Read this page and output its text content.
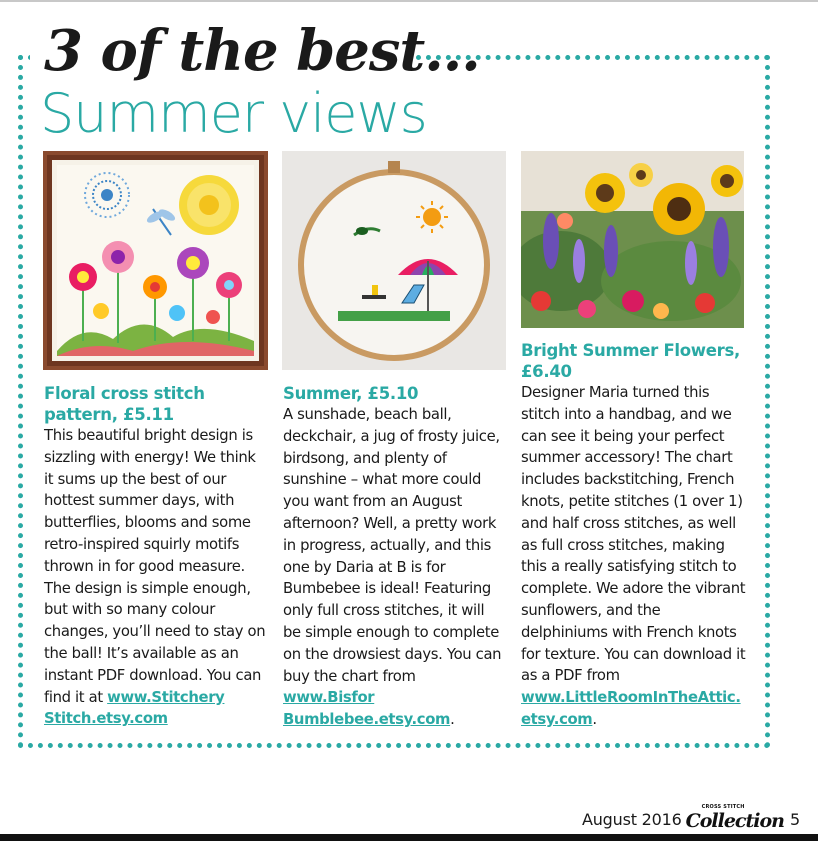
3 of the best...
Summer views
Floral cross stitch pattern, £5.11

This beautiful bright design is sizzling with energy! We think it sums up the best of our hottest summer days, with butterflies, blooms and some retro-inspired squirly motifs thrown in for good measure. The design is simple enough, but with so many colour changes, you’ll need to stay on the ball! It’s available as an instant PDF download. You can find it at www.Stitchery Stitch.etsy.com

Summer, £5.10

A sunshade, beach ball, deckchair, a jug of frosty juice, birdsong, and plenty of sunshine – what more could you want from an August afternoon? Well, a pretty work in progress, actually, and this one by Daria at B is for Bumbebee is ideal! Featuring only full cross stitches, it will be simple enough to complete on the drowsiest days. You can buy the chart from www.Bisfor Bumblebee.etsy.com.

Bright Summer Flowers, £6.40

Designer Maria turned this stitch into a handbag, and we can see it being your perfect summer accessory! The chart includes backstitching, French knots, petite stitches (1 over 1) and half cross stitches, as well as full cross stitches, making this a really satisfying stitch to complete. We adore the vibrant sunflowers, and the delphiniums with French knots for texture. You can download it as a PDF from www.LittleRoomInTheAttic. etsy.com.

August 2016
CROSS STITCH
Collection 5
